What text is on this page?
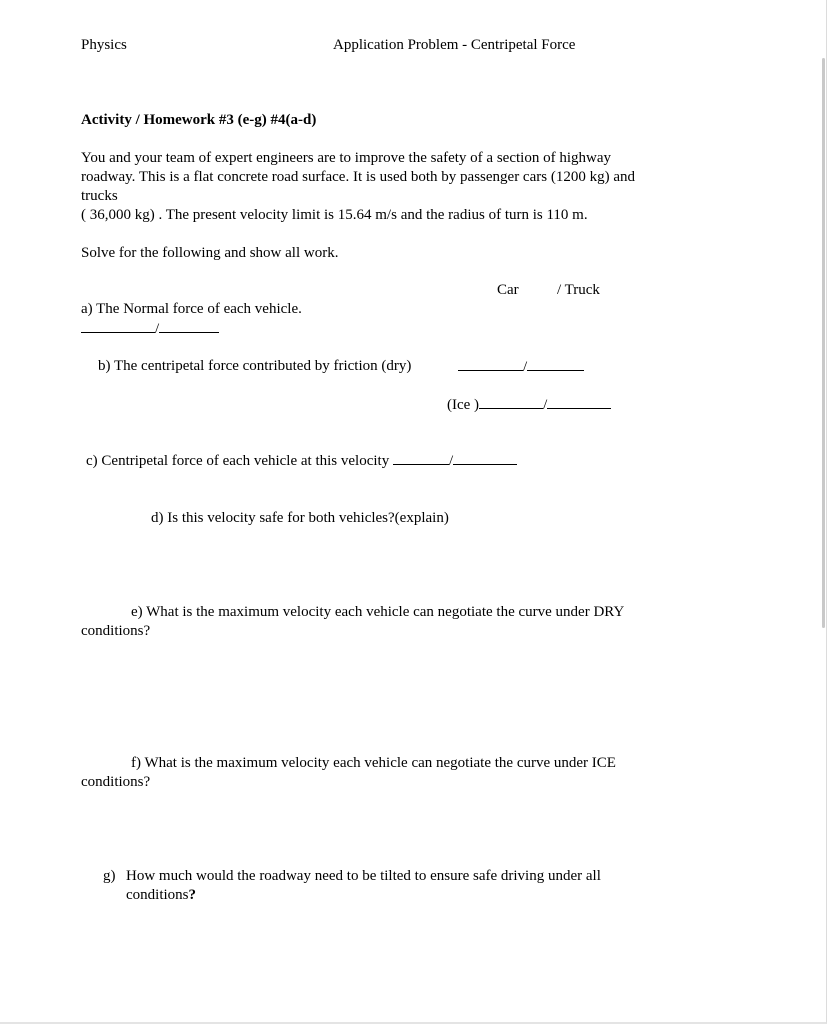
Physics	Application Problem - Centripetal Force
Activity / Homework #3 (e-g) #4(a-d)
You and your team of expert engineers are to improve the safety of a section of highway
roadway. This is a flat concrete road surface. It is used both by passenger cars (1200 kg) and
trucks
( 36,000 kg) . The present velocity limit is 15.64 m/s and the radius of turn is 110 m.
Solve for the following and show all work.
Car	/ Truck
a) The Normal force of each vehicle.
/
b) The centripetal force contributed by friction (dry)	/
(Ice )	/
c) Centripetal force of each vehicle at this velocity	/
d) Is this velocity safe for both vehicles?(explain)
e) What is the maximum velocity each vehicle can negotiate the curve under DRY
conditions?
f) What is the maximum velocity each vehicle can negotiate the curve under ICE
conditions?
g) How much would the roadway need to be tilted to ensure safe driving under all
conditions?
